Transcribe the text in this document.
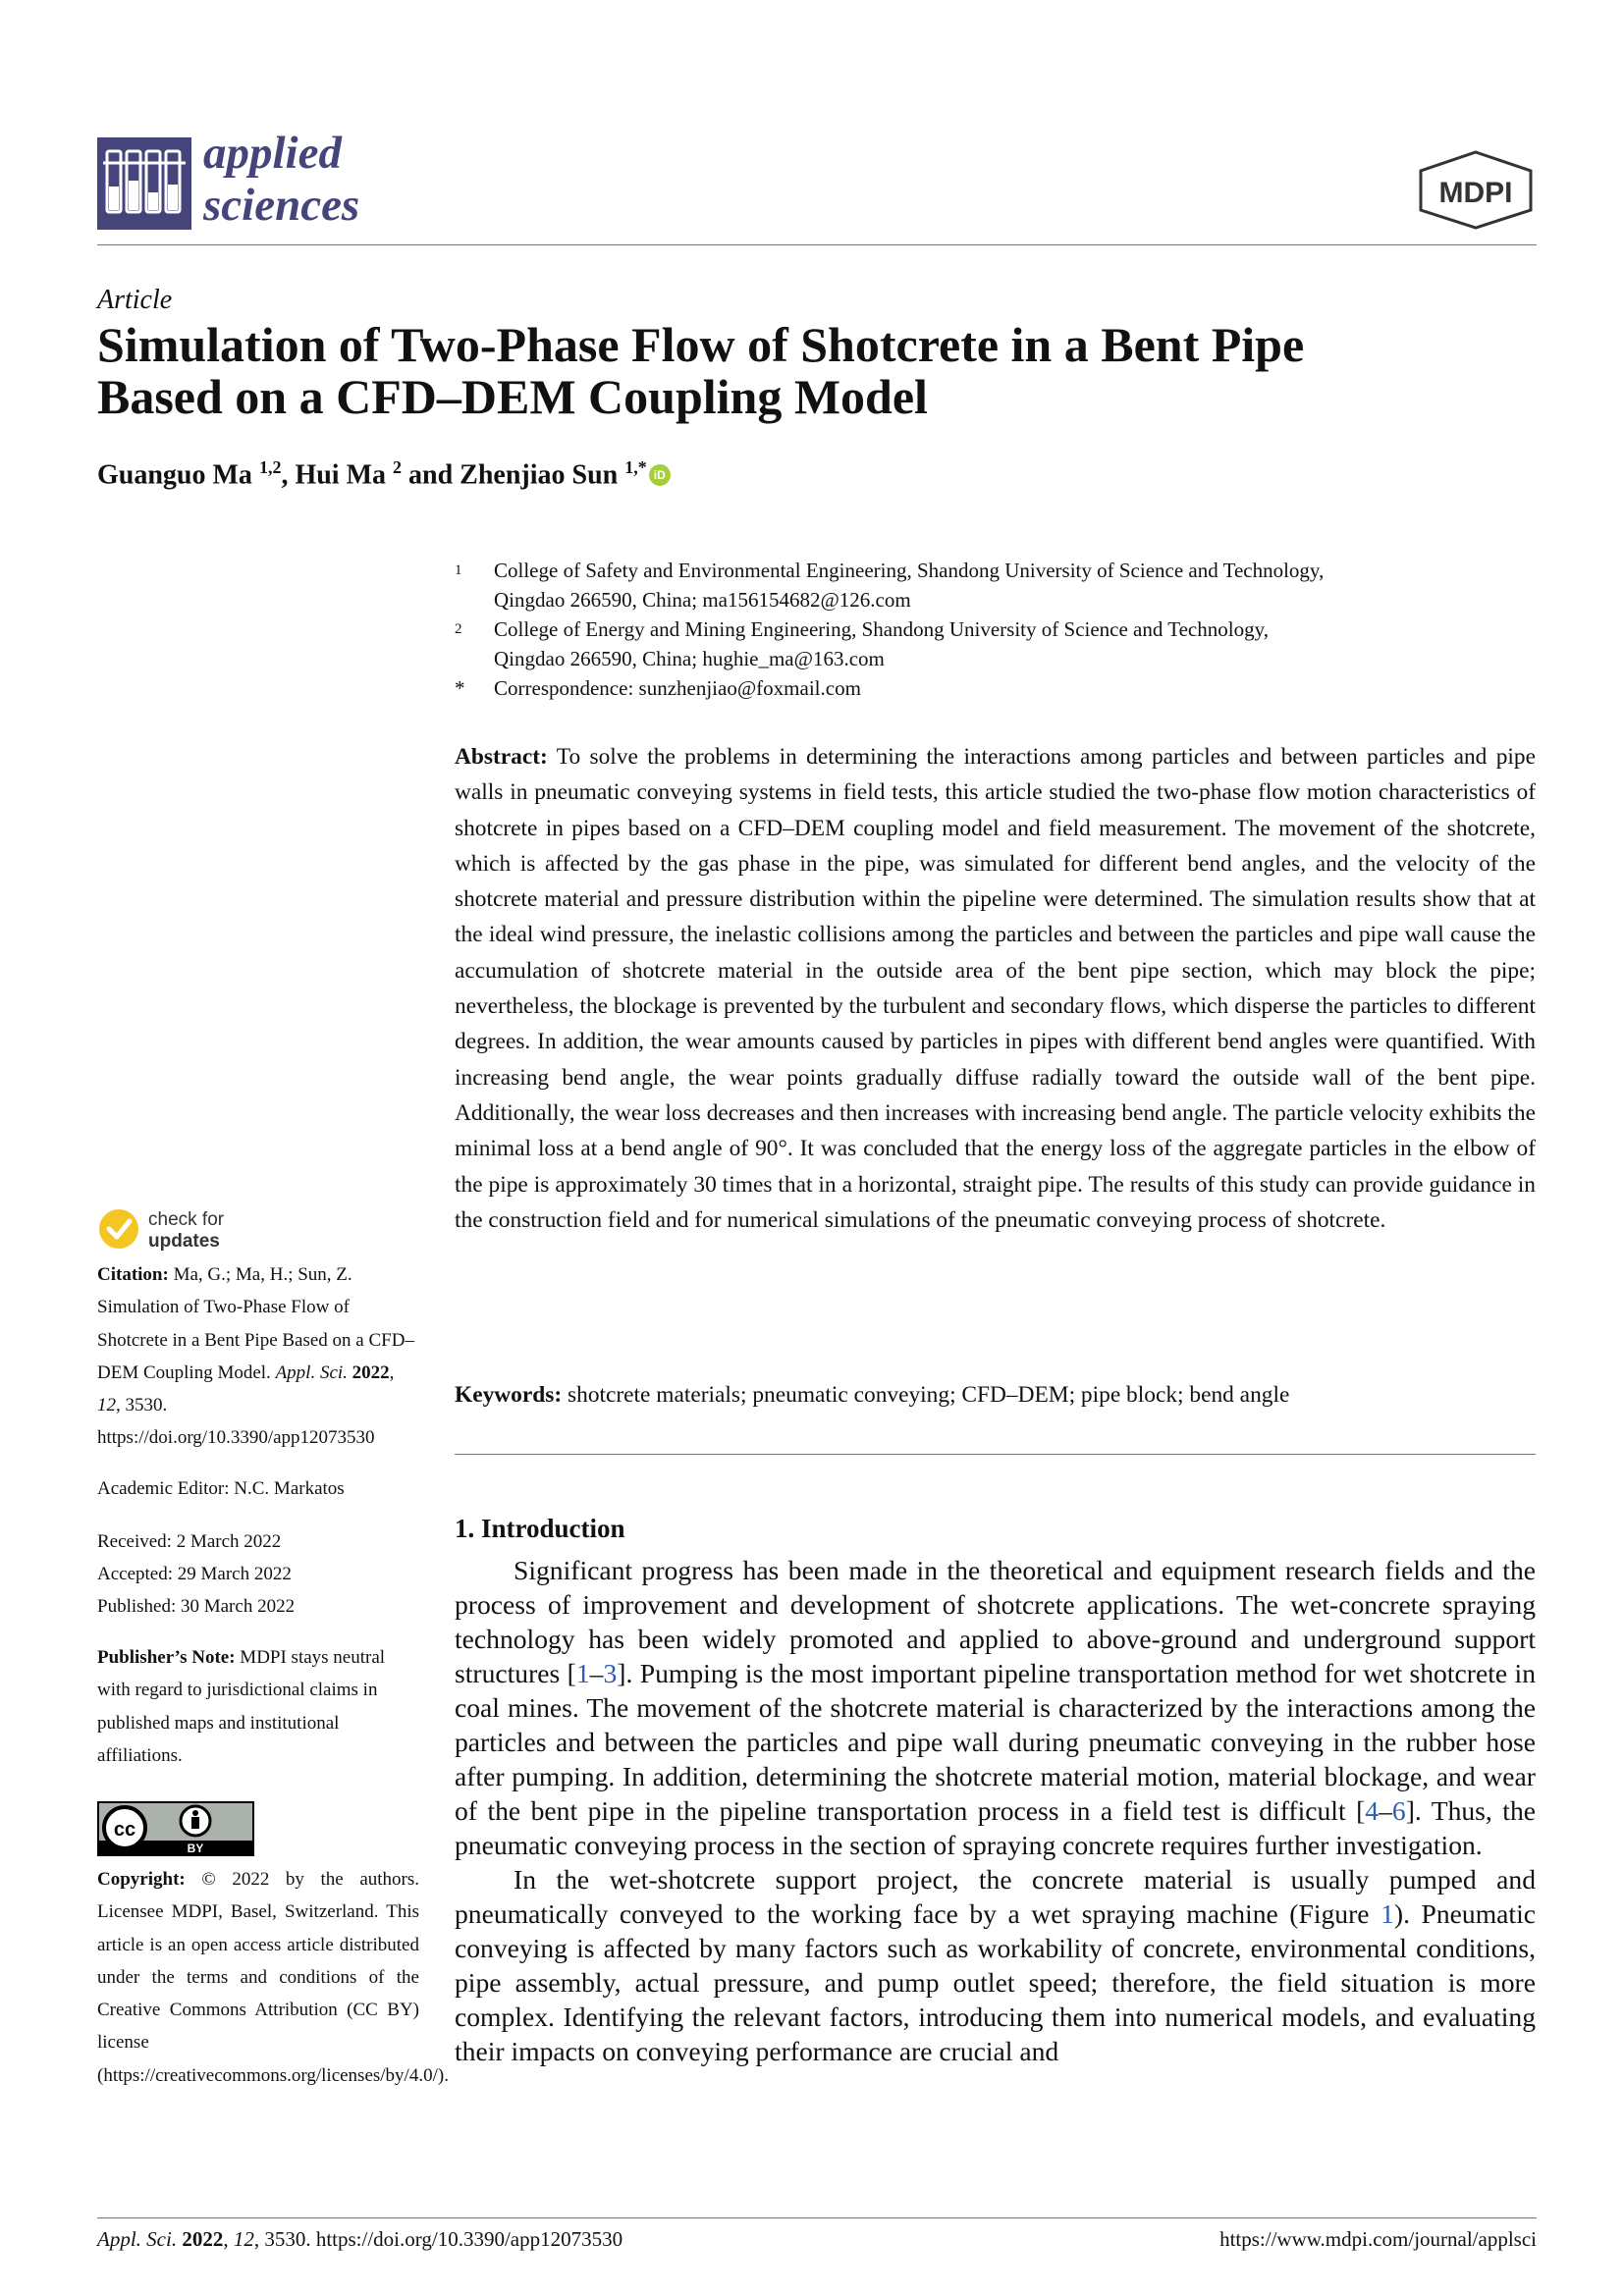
applied
sciences	MDPI
Article
Simulation of Two-Phase Flow of Shotcrete in a Bent Pipe
Based on a CFD–DEM Coupling Model
Guanguo Ma $^{1,2}$, Hui Ma $^2$ and Zhenjiao Sun $^{1,*}$ iD
1	College of Safety and Environmental Engineering, Shandong University of Science and Technology,
Qingdao 266590, China; ma156154682@126.com
2	College of Energy and Mining Engineering, Shandong University of Science and Technology,
Qingdao 266590, China; hughie_ma@163.com
*	Correspondence: sunzhenjiao@foxmail.com
Abstract: To solve the problems in determining the interactions among particles and between particles and pipe walls in pneumatic conveying systems in field tests, this article studied the two-phase flow motion characteristics of shotcrete in pipes based on a CFD–DEM coupling model and field measurement. The movement of the shotcrete, which is affected by the gas phase in the pipe, was simulated for different bend angles, and the velocity of the shotcrete material and pressure distribution within the pipeline were determined. The simulation results show that at the ideal wind pressure, the inelastic collisions among the particles and between the particles and pipe wall cause the accumulation of shotcrete material in the outside area of the bent pipe section, which may block the pipe; nevertheless, the blockage is prevented by the turbulent and secondary flows, which disperse the particles to different degrees. In addition, the wear amounts caused by particles in pipes with different bend angles were quantified. With increasing bend angle, the wear points gradually diffuse radially toward the outside wall of the bent pipe. Additionally, the wear loss decreases and then increases with increasing bend angle. The particle velocity exhibits the minimal loss at a bend angle of 90°. It was concluded that the energy loss of the aggregate particles in the elbow of the pipe is approximately 30 times that in a horizontal, straight pipe. The results of this study can provide guidance in the construction field and for numerical simulations of the pneumatic conveying process of shotcrete.
Keywords: shotcrete materials; pneumatic conveying; CFD–DEM; pipe block; bend angle
1. Introduction

Significant progress has been made in the theoretical and equipment research fields and the process of improvement and development of shotcrete applications. The wet-concrete spraying technology has been widely promoted and applied to above-ground and underground support structures [1–3]. Pumping is the most important pipeline transportation method for wet shotcrete in coal mines. The movement of the shotcrete material is characterized by the interactions among the particles and between the particles and pipe wall during pneumatic conveying in the rubber hose after pumping. In addition, determining the shotcrete material motion, material blockage, and wear of the bent pipe in the pipeline transportation process in a field test is difficult [4–6]. Thus, the pneumatic conveying process in the section of spraying concrete requires further investigation.

In the wet-shotcrete support project, the concrete material is usually pumped and pneumatically conveyed to the working face by a wet spraying machine (Figure 1). Pneumatic conveying is affected by many factors such as workability of concrete, environmental conditions, pipe assembly, actual pressure, and pump outlet speed; therefore, the field situation is more complex. Identifying the relevant factors, introducing them into numerical models, and evaluating their impacts on conveying performance are crucial and

check for
updates
Citation: Ma, G.; Ma, H.; Sun, Z. Simulation of Two-Phase Flow of Shotcrete in a Bent Pipe Based on a CFD–DEM Coupling Model. Appl. Sci. 2022, 12, 3530. https://doi.org/10.3390/app12073530
Academic Editor: N.C. Markatos
Received: 2 March 2022
Accepted: 29 March 2022
Published: 30 March 2022
Publisher’s Note: MDPI stays neutral with regard to jurisdictional claims in published maps and institutional affiliations.
cc
BY
Copyright: © 2022 by the authors. Licensee MDPI, Basel, Switzerland. This article is an open access article distributed under the terms and conditions of the Creative Commons Attribution (CC BY) license (https://creativecommons.org/licenses/by/4.0/).
Appl. Sci. 2022, 12, 3530. https://doi.org/10.3390/app12073530	https://www.mdpi.com/journal/applsci
